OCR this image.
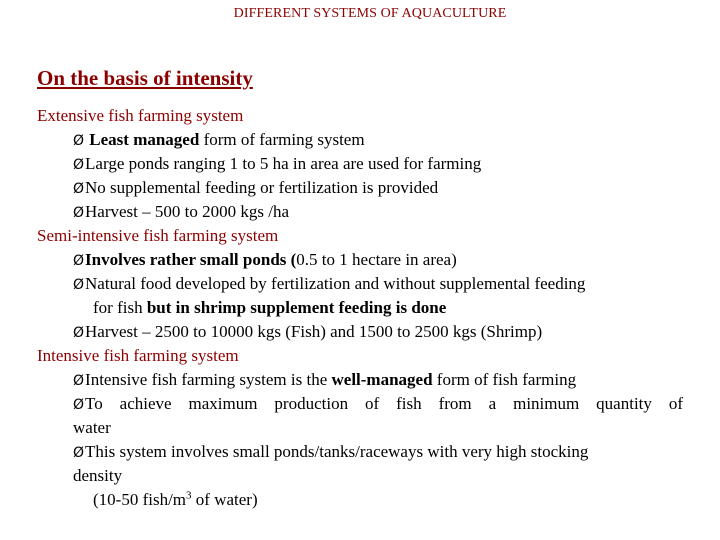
DIFFERENT SYSTEMS OF AQUACULTURE
On the basis of intensity
Extensive fish farming system
Ø Least managed form of farming system
ØLarge ponds ranging 1 to 5 ha in area are used for farming
ØNo supplemental feeding or fertilization is provided
ØHarvest – 500 to 2000 kgs /ha
Semi-intensive fish farming system
ØInvolves rather small ponds (0.5 to 1 hectare in area)
ØNatural food developed by fertilization and without supplemental feeding
for fish but in shrimp supplement feeding is done
ØHarvest – 2500 to 10000 kgs (Fish) and 1500 to 2500 kgs (Shrimp)
Intensive fish farming system
ØIntensive fish farming system is the well-managed form of fish farming
ØTo achieve maximum production of fish from a minimum quantity of
water
ØThis system involves small ponds/tanks/raceways with very high stocking
density
(10-50 fish/$m^3$ of water)
